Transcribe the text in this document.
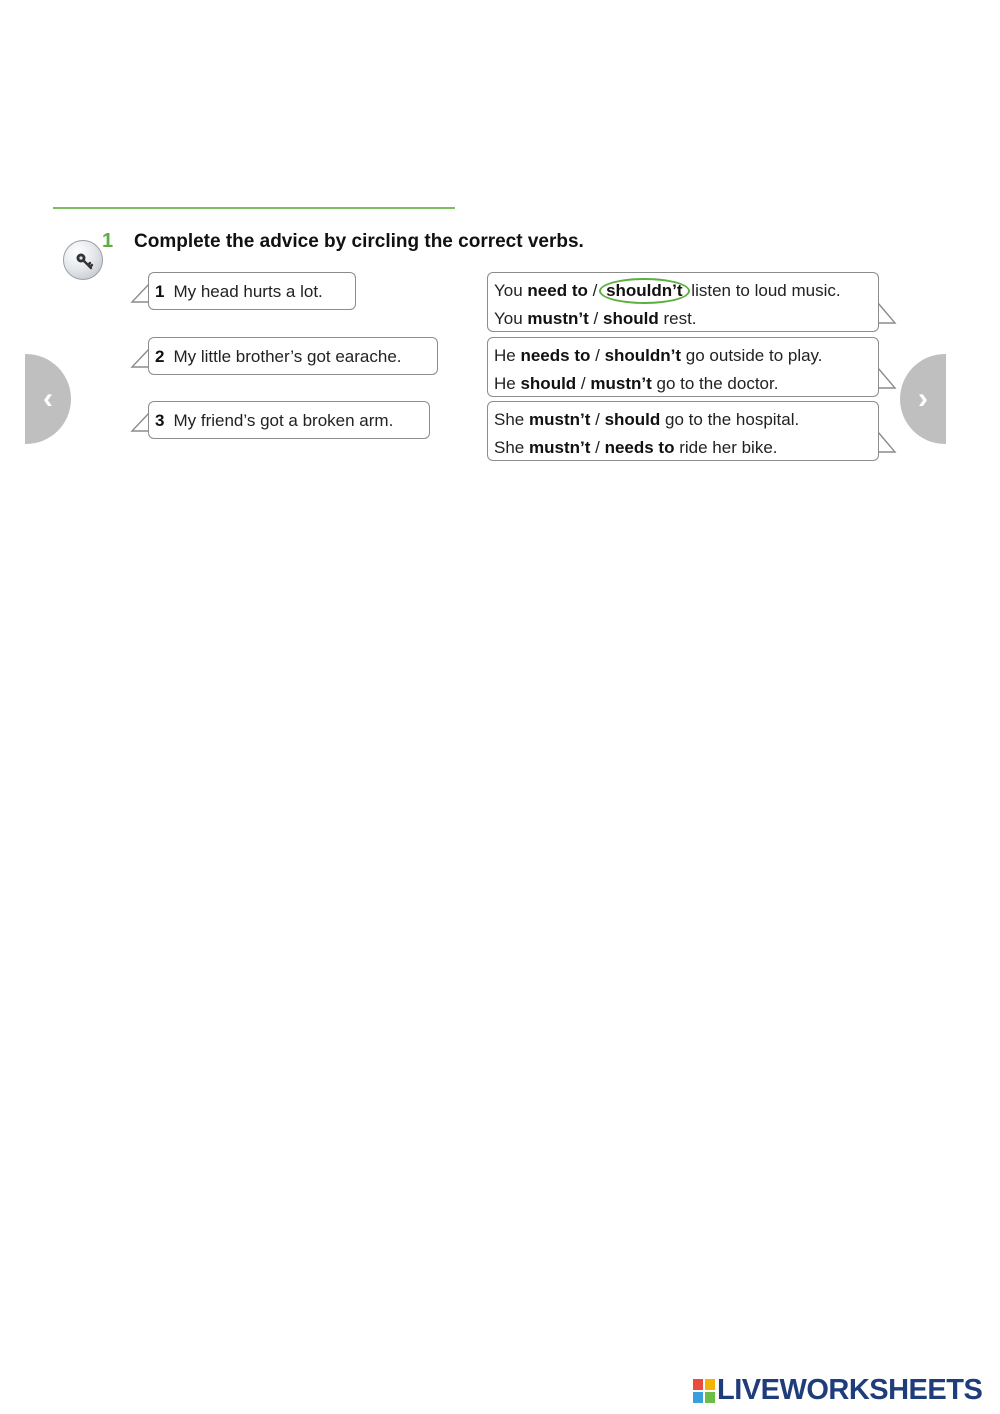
1 Complete the advice by circling the correct verbs.
1 My head hurts a lot.
2 My little brother’s got earache.
3 My friend’s got a broken arm.
You need to / shouldn’t listen to loud music.
You mustn’t / should rest.
He needs to / shouldn’t go outside to play.
He should / mustn’t go to the doctor.
She mustn’t / should go to the hospital.
She mustn’t / needs to ride her bike.
‹	›
LIVEWORKSHEETS
